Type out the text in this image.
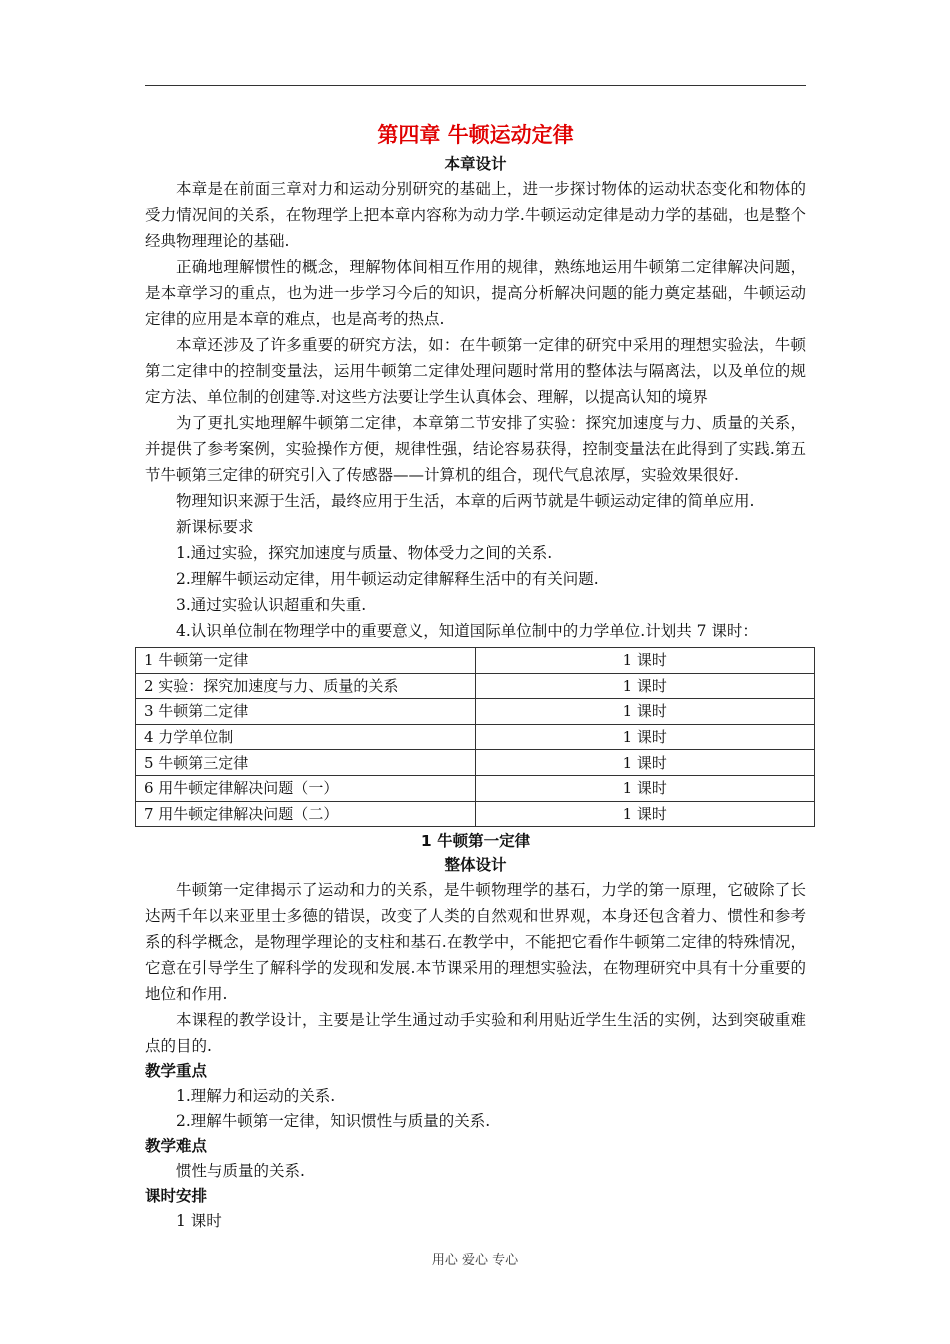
第四章 牛顿运动定律
本章设计

本章是在前面三章对力和运动分别研究的基础上，进一步探讨物体的运动状态变化和物体的受力情况间的关系，在物理学上把本章内容称为动力学.牛顿运动定律是动力学的基础，也是整个经典物理理论的基础.

正确地理解惯性的概念，理解物体间相互作用的规律，熟练地运用牛顿第二定律解决问题，是本章学习的重点，也为进一步学习今后的知识，提高分析解决问题的能力奠定基础，牛顿运动定律的应用是本章的难点，也是高考的热点.

本章还涉及了许多重要的研究方法，如：在牛顿第一定律的研究中采用的理想实验法，牛顿第二定律中的控制变量法，运用牛顿第二定律处理问题时常用的整体法与隔离法，以及单位的规定方法、单位制的创建等.对这些方法要让学生认真体会、理解，以提高认知的境界

为了更扎实地理解牛顿第二定律，本章第二节安排了实验：探究加速度与力、质量的关系，并提供了参考案例，实验操作方便，规律性强，结论容易获得，控制变量法在此得到了实践.第五节牛顿第三定律的研究引入了传感器——计算机的组合，现代气息浓厚，实验效果很好.

物理知识来源于生活，最终应用于生活，本章的后两节就是牛顿运动定律的简单应用.

新课标要求

1.通过实验，探究加速度与质量、物体受力之间的关系.

2.理解牛顿运动定律，用牛顿运动定律解释生活中的有关问题.

3.通过实验认识超重和失重.

4.认识单位制在物理学中的重要意义，知道国际单位制中的力学单位.计划共 7 课时：

1 牛顿第一定律	1 课时
2 实验：探究加速度与力、质量的关系	1 课时
3 牛顿第二定律	1 课时
4 力学单位制	1 课时
5 牛顿第三定律	1 课时
6 用牛顿定律解决问题（一）	1 课时
7 用牛顿定律解决问题（二）	1 课时
1 牛顿第一定律
整体设计

牛顿第一定律揭示了运动和力的关系，是牛顿物理学的基石，力学的第一原理，它破除了长达两千年以来亚里士多德的错误，改变了人类的自然观和世界观，本身还包含着力、惯性和参考系的科学概念，是物理学理论的支柱和基石.在教学中，不能把它看作牛顿第二定律的特殊情况，它意在引导学生了解科学的发现和发展.本节课采用的理想实验法，在物理研究中具有十分重要的地位和作用.

本课程的教学设计，主要是让学生通过动手实验和利用贴近学生生活的实例，达到突破重难点的目的.

教学重点

1.理解力和运动的关系.

2.理解牛顿第一定律，知识惯性与质量的关系.

教学难点

惯性与质量的关系.

课时安排

1 课时

用心 爱心 专心
